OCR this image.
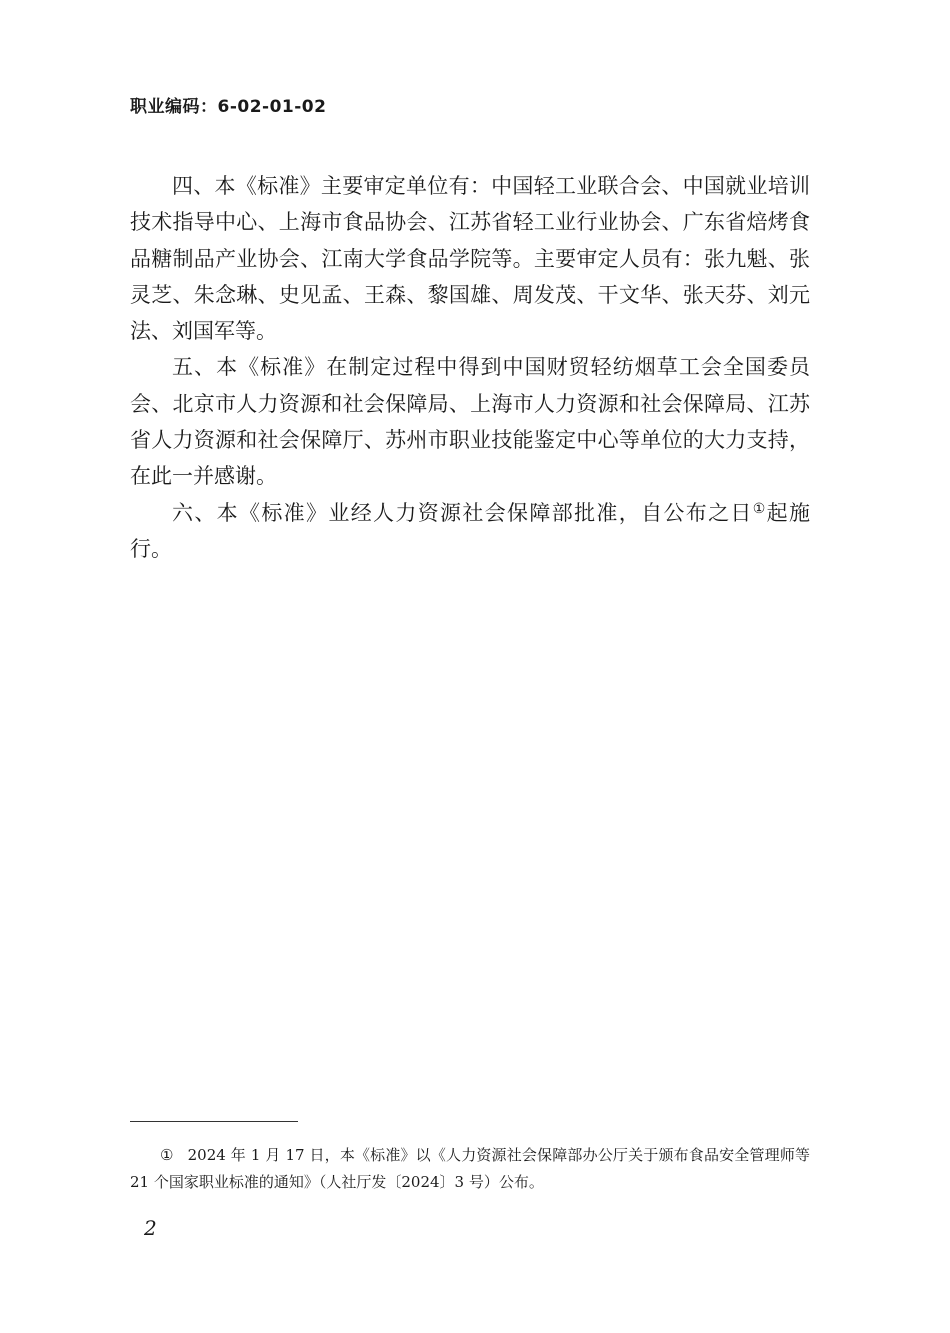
职业编码：6-02-01-02

四、本《标准》主要审定单位有：中国轻工业联合会、中国就业培训技术指导中心、上海市食品协会、江苏省轻工业行业协会、广东省焙烤食品糖制品产业协会、江南大学食品学院等。主要审定人员有：张九魁、张灵芝、朱念琳、史见孟、王森、黎国雄、周发茂、干文华、张天芬、刘元法、刘国军等。

五、本《标准》在制定过程中得到中国财贸轻纺烟草工会全国委员会、北京市人力资源和社会保障局、上海市人力资源和社会保障局、江苏省人力资源和社会保障厅、苏州市职业技能鉴定中心等单位的大力支持，在此一并感谢。

六、本《标准》业经人力资源社会保障部批准，自公布之日①起施行。

① 2024 年 1 月 17 日，本《标准》以《人力资源社会保障部办公厅关于颁布食品安全管理师等 21 个国家职业标准的通知》（人社厅发〔2024〕3 号）公布。

2
